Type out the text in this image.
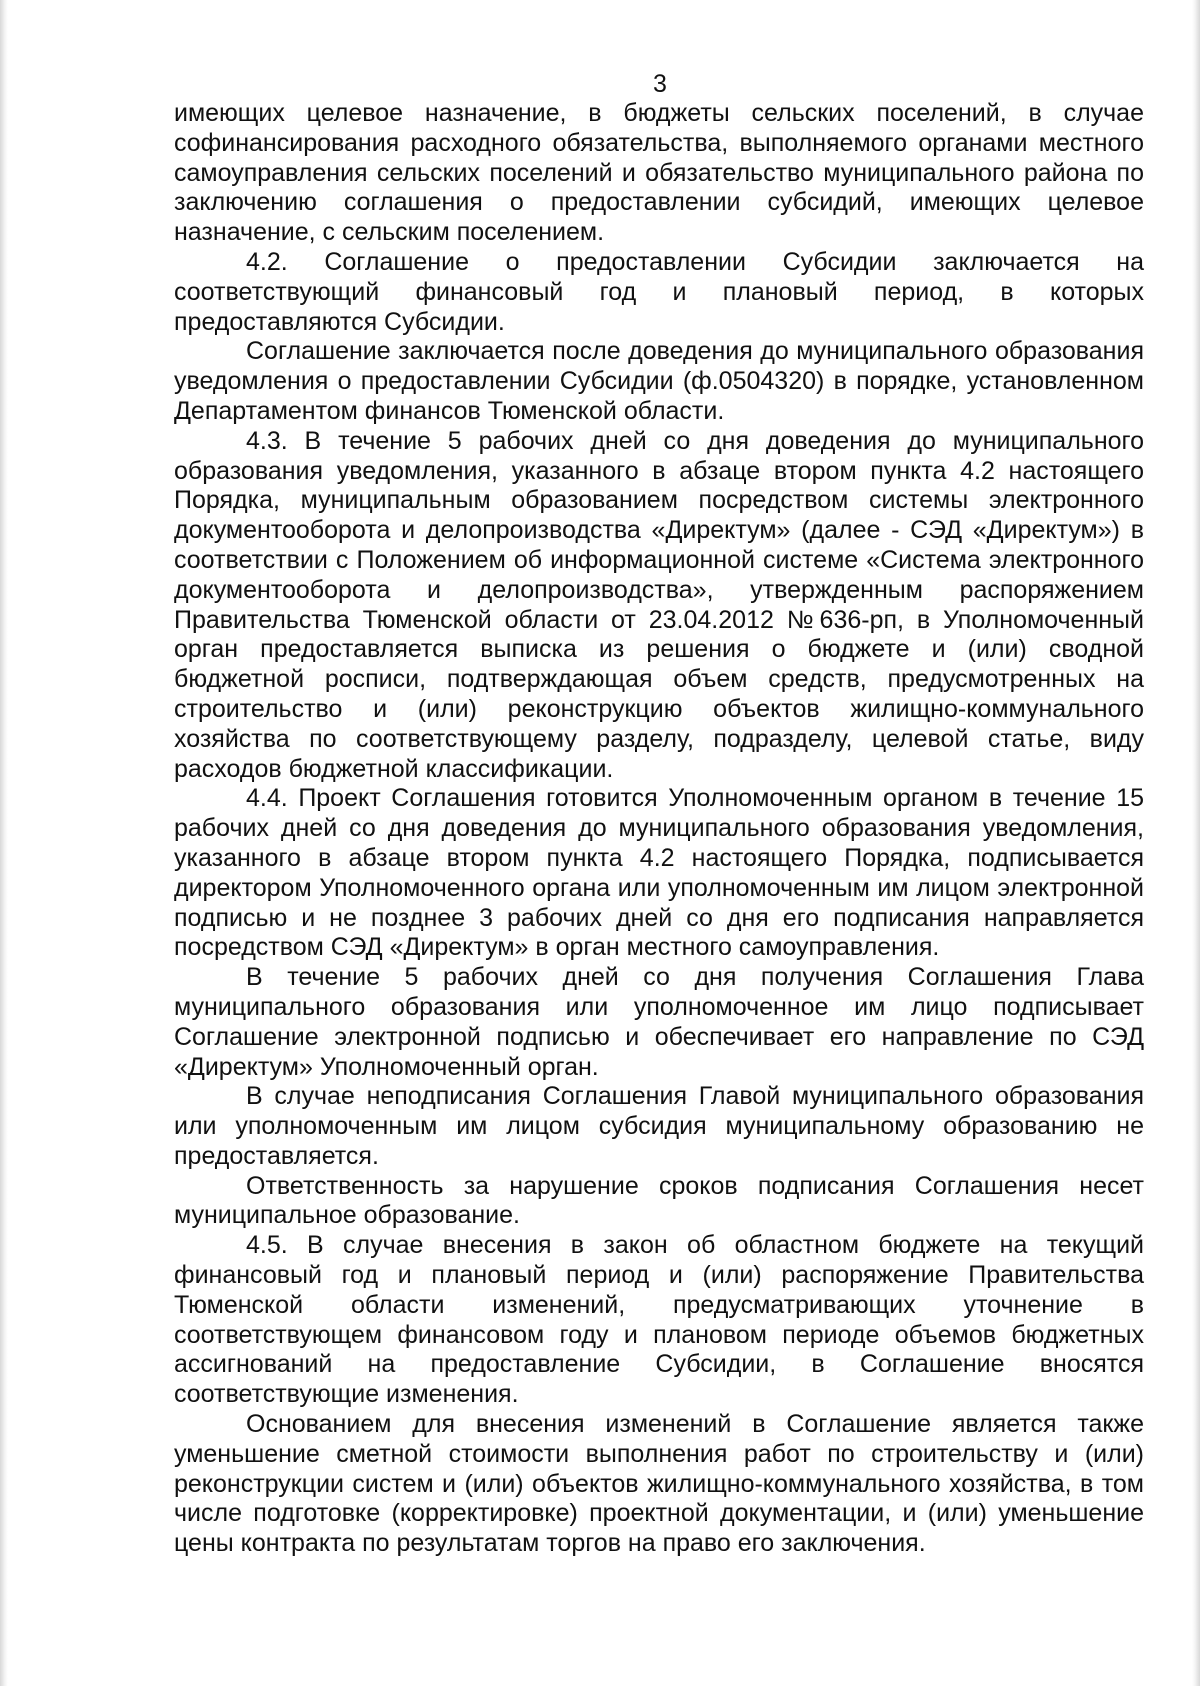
3

имеющих целевое назначение, в бюджеты сельских поселений, в случае софинансирования расходного обязательства, выполняемого органами местного самоуправления сельских поселений и обязательство муниципального района по заключению соглашения о предоставлении субсидий, имеющих целевое назначение, с сельским поселением.

4.2. Соглашение о предоставлении Субсидии заключается на соответствующий финансовый год и плановый период, в которых предоставляются Субсидии.

Соглашение заключается после доведения до муниципального образования уведомления о предоставлении Субсидии (ф.0504320) в порядке, установленном Департаментом финансов Тюменской области.

4.3. В течение 5 рабочих дней со дня доведения до муниципального образования уведомления, указанного в абзаце втором пункта 4.2 настоящего Порядка, муниципальным образованием посредством системы электронного документооборота и делопроизводства «Директум» (далее - СЭД «Директум») в соответствии с Положением об информационной системе «Система электронного документооборота и делопроизводства», утвержденным распоряжением Правительства Тюменской области от 23.04.2012 №636-рп, в Уполномоченный орган предоставляется выписка из решения о бюджете и (или) сводной бюджетной росписи, подтверждающая объем средств, предусмотренных на строительство и (или) реконструкцию объектов жилищно-коммунального хозяйства по соответствующему разделу, подразделу, целевой статье, виду расходов бюджетной классификации.

4.4. Проект Соглашения готовится Уполномоченным органом в течение 15 рабочих дней со дня доведения до муниципального образования уведомления, указанного в абзаце втором пункта 4.2 настоящего Порядка, подписывается директором Уполномоченного органа или уполномоченным им лицом электронной подписью и не позднее 3 рабочих дней со дня его подписания направляется посредством СЭД «Директум» в орган местного самоуправления.

В течение 5 рабочих дней со дня получения Соглашения Глава муниципального образования или уполномоченное им лицо подписывает Соглашение электронной подписью и обеспечивает его направление по СЭД «Директум» Уполномоченный орган.

В случае неподписания Соглашения Главой муниципального образования или уполномоченным им лицом субсидия муниципальному образованию не предоставляется.

Ответственность за нарушение сроков подписания Соглашения несет муниципальное образование.

4.5. В случае внесения в закон об областном бюджете на текущий финансовый год и плановый период и (или) распоряжение Правительства Тюменской области изменений, предусматривающих уточнение в соответствующем финансовом году и плановом периоде объемов бюджетных ассигнований на предоставление Субсидии, в Соглашение вносятся соответствующие изменения.

Основанием для внесения изменений в Соглашение является также уменьшение сметной стоимости выполнения работ по строительству и (или) реконструкции систем и (или) объектов жилищно-коммунального хозяйства, в том числе подготовке (корректировке) проектной документации, и (или) уменьшение цены контракта по результатам торгов на право его заключения.
